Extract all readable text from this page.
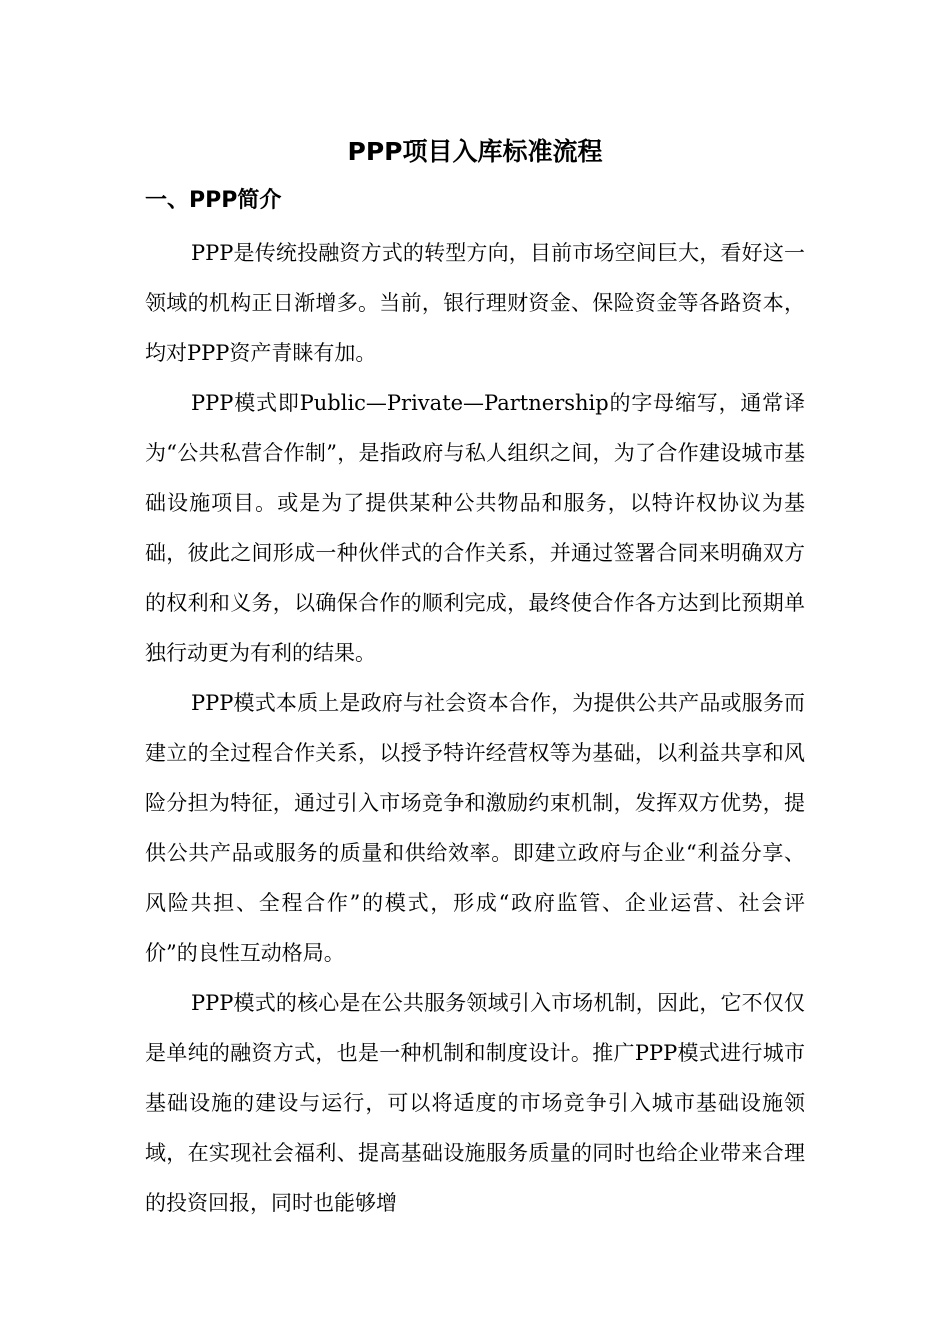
PPP项目入库标准流程
一、PPP简介

PPP是传统投融资方式的转型方向，目前市场空间巨大，看好这一领域的机构正日渐增多。当前，银行理财资金、保险资金等各路资本，均对PPP资产青睐有加。

PPP模式即Public—Private—Partnership的字母缩写，通常译为“公共私营合作制”，是指政府与私人组织之间，为了合作建设城市基础设施项目。或是为了提供某种公共物品和服务，以特许权协议为基础，彼此之间形成一种伙伴式的合作关系，并通过签署合同来明确双方的权利和义务，以确保合作的顺利完成，最终使合作各方达到比预期单独行动更为有利的结果。

PPP模式本质上是政府与社会资本合作，为提供公共产品或服务而建立的全过程合作关系，以授予特许经营权等为基础，以利益共享和风险分担为特征，通过引入市场竞争和激励约束机制，发挥双方优势，提供公共产品或服务的质量和供给效率。即建立政府与企业“利益分享、风险共担、全程合作”的模式，形成“政府监管、企业运营、社会评价”的良性互动格局。

PPP模式的核心是在公共服务领域引入市场机制，因此，它不仅仅是单纯的融资方式，也是一种机制和制度设计。推广PPP模式进行城市基础设施的建设与运行，可以将适度的市场竞争引入城市基础设施领域，在实现社会福利、提高基础设施服务质量的同时也给企业带来合理的投资回报，同时也能够增
